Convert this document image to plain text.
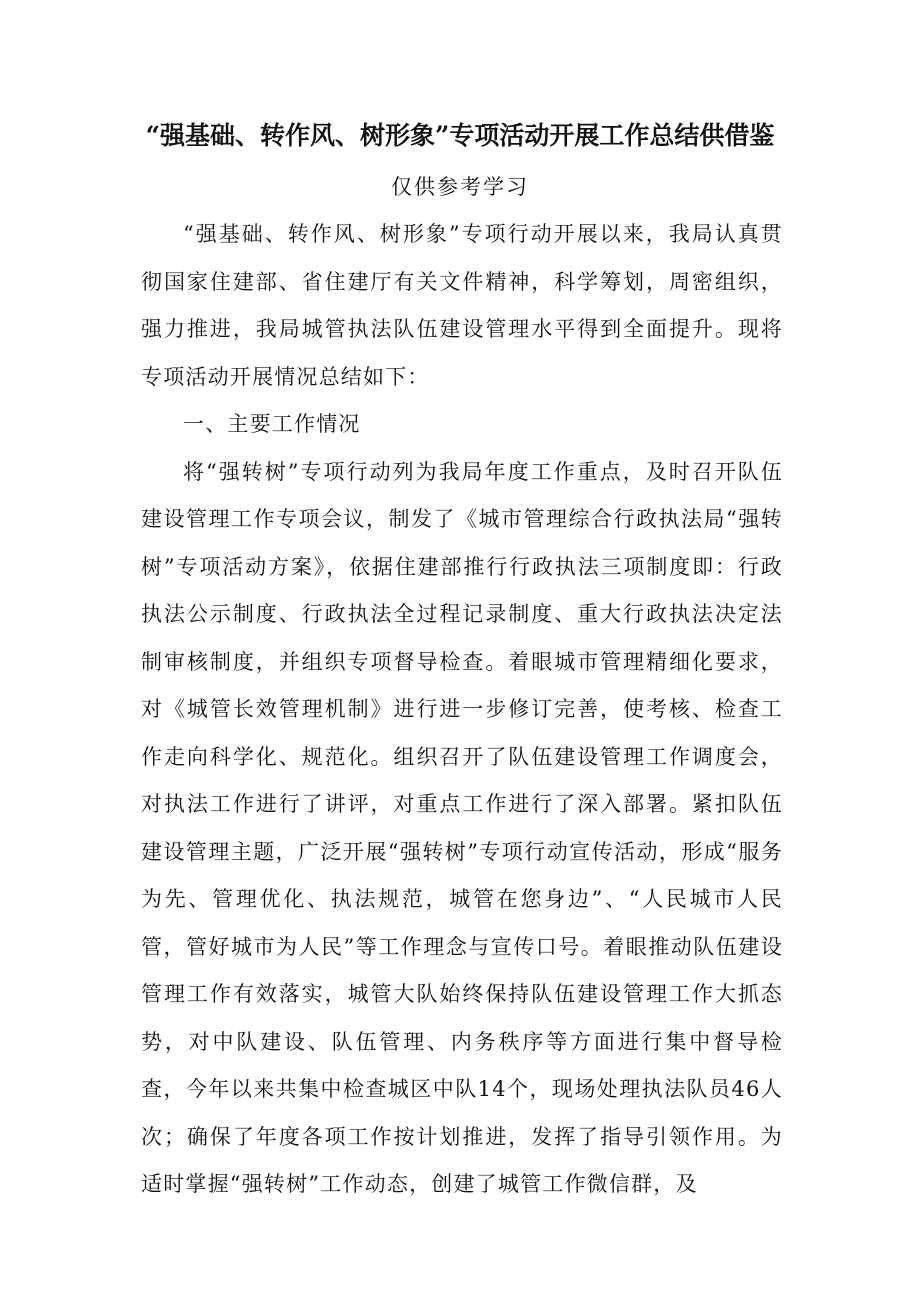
“强基础、转作风、树形象”专项活动开展工作总结供借鉴
仅供参考学习

“强基础、转作风、树形象”专项行动开展以来，我局认真贯彻国家住建部、省住建厅有关文件精神，科学筹划，周密组织，强力推进，我局城管执法队伍建设管理水平得到全面提升。现将专项活动开展情况总结如下：

一、主要工作情况

将“强转树”专项行动列为我局年度工作重点，及时召开队伍建设管理工作专项会议，制发了《城市管理综合行政执法局“强转树”专项活动方案》，依据住建部推行行政执法三项制度即：行政执法公示制度、行政执法全过程记录制度、重大行政执法决定法制审核制度，并组织专项督导检查。着眼城市管理精细化要求，对《城管长效管理机制》进行进一步修订完善，使考核、检查工作走向科学化、规范化。组织召开了队伍建设管理工作调度会，对执法工作进行了讲评，对重点工作进行了深入部署。紧扣队伍建设管理主题，广泛开展“强转树”专项行动宣传活动，形成“服务为先、管理优化、执法规范，城管在您身边”、“人民城市人民管，管好城市为人民”等工作理念与宣传口号。着眼推动队伍建设管理工作有效落实，城管大队始终保持队伍建设管理工作大抓态势，对中队建设、队伍管理、内务秩序等方面进行集中督导检查，今年以来共集中检查城区中队14个，现场处理执法队员46人次；确保了年度各项工作按计划推进，发挥了指导引领作用。为适时掌握“强转树”工作动态，创建了城管工作微信群，及
